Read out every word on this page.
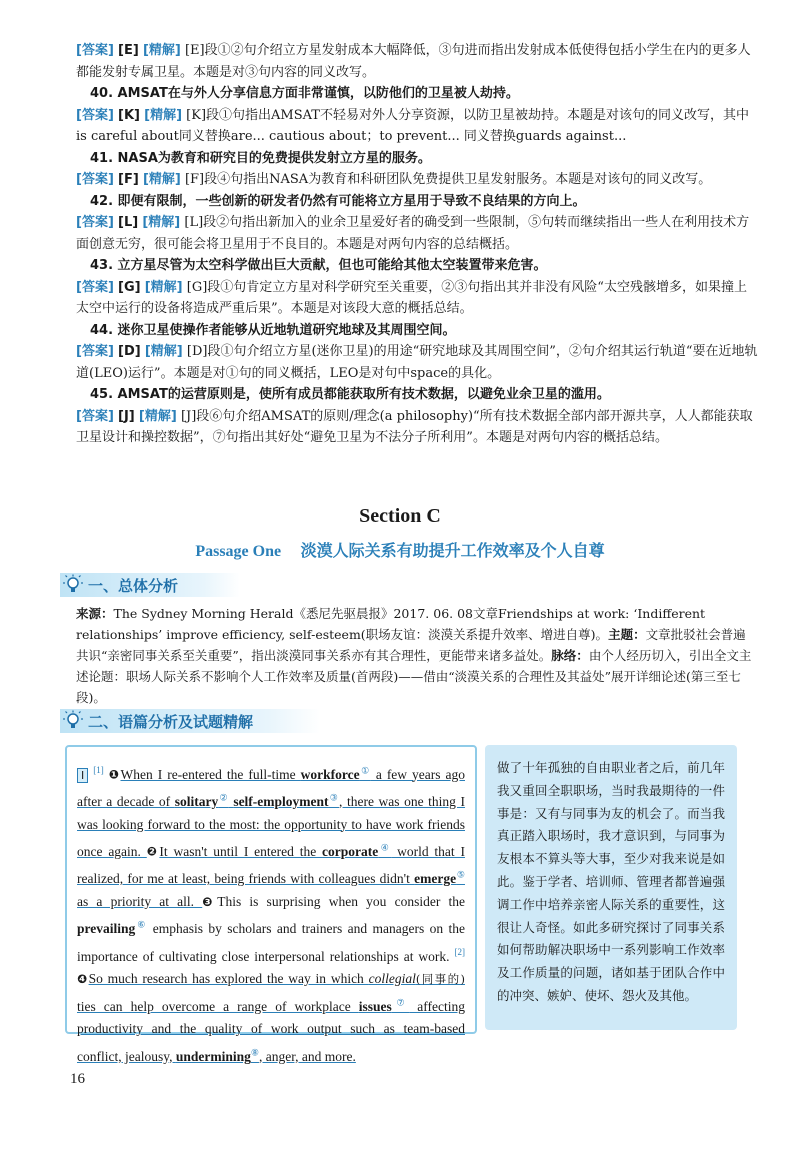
[答案] [E] [精解] [E]段①②句介绍立方星发射成本大幅降低，③句进而指出发射成本低使得包括小学生在内的更多人都能发射专属卫星。本题是对③句内容的同义改写。

40. AMSAT在与外人分享信息方面非常谨慎，以防他们的卫星被人劫持。

[答案] [K] [精解] [K]段①句指出AMSAT不轻易对外人分享资源，以防卫星被劫持。本题是对该句的同义改写，其中is careful about同义替换are... cautious about；to prevent... 同义替换guards against...

41. NASA为教育和研究目的免费提供发射立方星的服务。

[答案] [F] [精解] [F]段④句指出NASA为教育和科研团队免费提供卫星发射服务。本题是对该句的同义改写。

42. 即便有限制，一些创新的研发者仍然有可能将立方星用于导致不良结果的方向上。

[答案] [L] [精解] [L]段②句指出新加入的业余卫星爱好者的确受到一些限制，⑤句转而继续指出一些人在利用技术方面创意无穷，很可能会将卫星用于不良目的。本题是对两句内容的总结概括。

43. 立方星尽管为太空科学做出巨大贡献，但也可能给其他太空装置带来危害。

[答案] [G] [精解] [G]段①句肯定立方星对科学研究至关重要，②③句指出其并非没有风险“太空残骸增多，如果撞上太空中运行的设备将造成严重后果”。本题是对该段大意的概括总结。

44. 迷你卫星使操作者能够从近地轨道研究地球及其周围空间。

[答案] [D] [精解] [D]段①句介绍立方星(迷你卫星)的用途“研究地球及其周围空间”，②句介绍其运行轨道“要在近地轨道(LEO)运行”。本题是对①句的同义概括，LEO是对句中space的具化。

45. AMSAT的运营原则是，使所有成员都能获取所有技术数据，以避免业余卫星的滥用。

[答案] [J] [精解] [J]段⑥句介绍AMSAT的原则/理念(a philosophy)“所有技术数据全部内部开源共享，人人都能获取卫星设计和操控数据”，⑦句指出其好处“避免卫星为不法分子所利用”。本题是对两句内容的概括总结。

Section C
Passage One 淡漠人际关系有助提升工作效率及个人自尊
一、总体分析
来源：The Sydney Morning Herald《悉尼先驱晨报》2017. 06. 08文章Friendships at work: ‘Indifferent relationships’ improve efficiency, self-esteem(职场友谊：淡漠关系提升效率、增进自尊)。主题：文章批驳社会普遍共识“亲密同事关系至关重要”，指出淡漠同事关系亦有其合理性，更能带来诸多益处。脉络：由个人经历切入，引出全文主述论题：职场人际关系不影响个人工作效率及质量(首两段)——借由“淡漠关系的合理性及其益处”展开详细论述(第三至七段)。
二、语篇分析及试题精解
I [1] ❶When I re-entered the full-time workforce① a few years ago after a decade of solitary② self-employment③, there was one thing I was looking forward to the most: the opportunity to have work friends once again. ❷It wasn't until I entered the corporate④ world that I realized, for me at least, being friends with colleagues didn't emerge⑤ as a priority at all. ❸This is surprising when you consider the prevailing⑥ emphasis by scholars and trainers and managers on the importance of cultivating close interpersonal relationships at work. [2] ❹So much research has explored the way in which collegial(同事的) ties can help overcome a range of workplace issues⑦ affecting productivity and the quality of work output such as team-based conflict, jealousy, undermining⑧, anger, and more.
做了十年孤独的自由职业者之后，前几年我又重回全职职场，当时我最期待的一件事是：又有与同事为友的机会了。而当我真正踏入职场时，我才意识到，与同事为友根本不算头等大事，至少对我来说是如此。鉴于学者、培训师、管理者都普遍强调工作中培养亲密人际关系的重要性，这很让人奇怪。如此多研究探讨了同事关系如何帮助解决职场中一系列影响工作效率及工作质量的问题，诸如基于团队合作中的冲突、嫉妒、使坏、怨火及其他。
16
